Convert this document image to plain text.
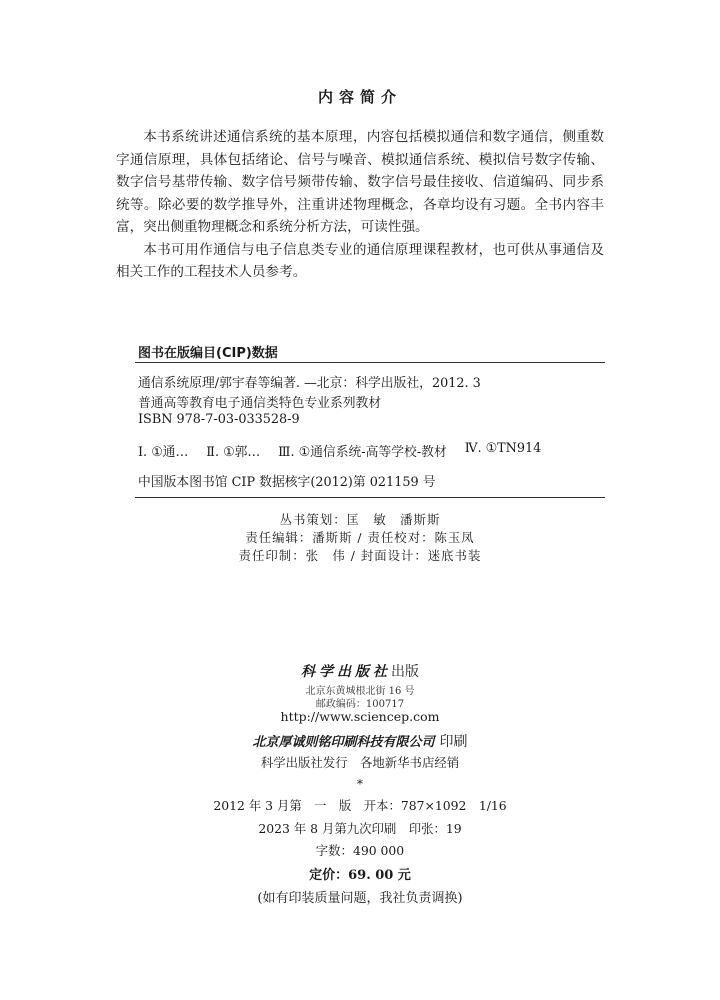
内容简介

本书系统讲述通信系统的基本原理，内容包括模拟通信和数字通信，侧重数字通信原理，具体包括绪论、信号与噪音、模拟通信系统、模拟信号数字传输、数字信号基带传输、数字信号频带传输、数字信号最佳接收、信道编码、同步系统等。除必要的数学推导外，注重讲述物理概念，各章均设有习题。全书内容丰富，突出侧重物理概念和系统分析方法，可读性强。

本书可用作通信与电子信息类专业的通信原理课程教材，也可供从事通信及相关工作的工程技术人员参考。

图书在版编目(CIP)数据
通信系统原理/郭宇春等编著. —北京：科学出版社，2012. 3
普通高等教育电子通信类特色专业系列教材
ISBN 978-7-03-033528-9
Ⅰ. ①通… Ⅱ. ①郭… Ⅲ. ①通信系统-高等学校-教材 Ⅳ. ①TN914
中国版本图书馆 CIP 数据核字(2012)第 021159 号
丛书策划：匡　敏　潘斯斯
责任编辑：潘斯斯 / 责任校对：陈玉凤
责任印制：张　伟 / 封面设计：迷底书装
科学出版社出版
北京东黄城根北街 16 号
邮政编码：100717
http://www.sciencep.com
北京厚诚则铭印刷科技有限公司 印刷
科学出版社发行　各地新华书店经销
*
2012 年 3 月第　一　版　开本：787×1092　1/16
2023 年 8 月第九次印刷　印张：19
字数：490 000
定价：69. 00 元
(如有印装质量问题，我社负责调换)
